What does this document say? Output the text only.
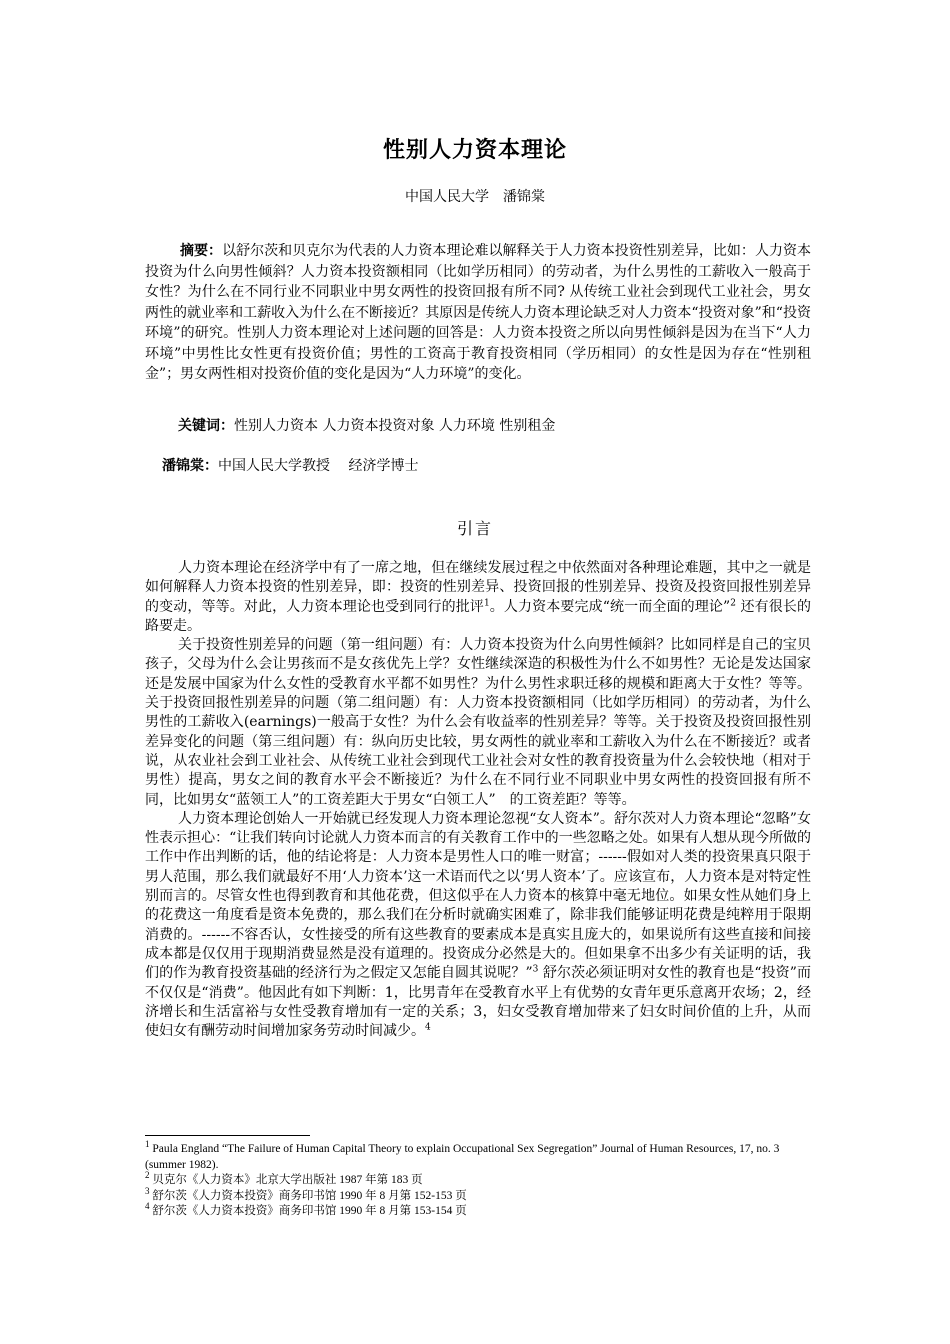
性别人力资本理论
中国人民大学　潘锦棠
摘要：以舒尔茨和贝克尔为代表的人力资本理论难以解释关于人力资本投资性别差异，比如：人力资本投资为什么向男性倾斜？人力资本投资额相同（比如学历相同）的劳动者，为什么男性的工薪收入一般高于女性？为什么在不同行业不同职业中男女两性的投资回报有所不同? 从传统工业社会到现代工业社会，男女两性的就业率和工薪收入为什么在不断接近？其原因是传统人力资本理论缺乏对人力资本“投资对象”和“投资环境”的研究。性别人力资本理论对上述问题的回答是：人力资本投资之所以向男性倾斜是因为在当下“人力环境”中男性比女性更有投资价值；男性的工资高于教育投资相同（学历相同）的女性是因为存在“性别租金”；男女两性相对投资价值的变化是因为“人力环境”的变化。
关键词：性别人力资本 人力资本投资对象 人力环境 性别租金
潘锦棠：中国人民大学教授　 经济学博士
引言

人力资本理论在经济学中有了一席之地，但在继续发展过程之中依然面对各种理论难题，其中之一就是如何解释人力资本投资的性别差异，即：投资的性别差异、投资回报的性别差异、投资及投资回报性别差异的变动，等等。对此，人力资本理论也受到同行的批评$^1$。人力资本要完成“统一而全面的理论”$^2$ 还有很长的路要走。

关于投资性别差异的问题（第一组问题）有：人力资本投资为什么向男性倾斜？比如同样是自己的宝贝孩子，父母为什么会让男孩而不是女孩优先上学？女性继续深造的积极性为什么不如男性？无论是发达国家还是发展中国家为什么女性的受教育水平都不如男性？为什么男性求职迁移的规模和距离大于女性？等等。关于投资回报性别差异的问题（第二组问题）有：人力资本投资额相同（比如学历相同）的劳动者，为什么男性的工薪收入(earnings)一般高于女性？为什么会有收益率的性别差异？等等。关于投资及投资回报性别差异变化的问题（第三组问题）有：纵向历史比较，男女两性的就业率和工薪收入为什么在不断接近？或者说，从农业社会到工业社会、从传统工业社会到现代工业社会对女性的教育投资量为什么会较快地（相对于男性）提高，男女之间的教育水平会不断接近？为什么在不同行业不同职业中男女两性的投资回报有所不同，比如男女“蓝领工人”的工资差距大于男女“白领工人”　的工资差距？等等。

人力资本理论创始人一开始就已经发现人力资本理论忽视“女人资本”。舒尔茨对人力资本理论“忽略”女性表示担心：“让我们转向讨论就人力资本而言的有关教育工作中的一些忽略之处。如果有人想从现今所做的工作中作出判断的话，他的结论将是：人力资本是男性人口的唯一财富；------假如对人类的投资果真只限于男人范围，那么我们就最好不用‘人力资本’这一术语而代之以‘男人资本’了。应该宣布，人力资本是对特定性别而言的。尽管女性也得到教育和其他花费，但这似乎在人力资本的核算中毫无地位。如果女性从她们身上的花费这一角度看是资本免费的，那么我们在分析时就确实困难了，除非我们能够证明花费是纯粹用于限期消费的。------不容否认，女性接受的所有这些教育的要素成本是真实且庞大的，如果说所有这些直接和间接成本都是仅仅用于现期消费显然是没有道理的。投资成分必然是大的。但如果拿不出多少有关证明的话，我们的作为教育投资基础的经济行为之假定又怎能自圆其说呢？”$^3$ 舒尔茨必须证明对女性的教育也是“投资”而不仅仅是“消费”。他因此有如下判断：1，比男青年在受教育水平上有优势的女青年更乐意离开农场；2，经济增长和生活富裕与女性受教育增加有一定的关系；3，妇女受教育增加带来了妇女时间价值的上升，从而使妇女有酬劳动时间增加家务劳动时间减少。$^4$

$^1$ Paula England “The Failure of Human Capital Theory to explain Occupational Sex Segregation” Journal of Human Resources, 17, no. 3 (summer 1982).
$^2$ 贝克尔《人力资本》北京大学出版社 1987 年第 183 页
$^3$ 舒尔茨《人力资本投资》商务印书馆 1990 年 8 月第 152-153 页
$^4$ 舒尔茨《人力资本投资》商务印书馆 1990 年 8 月第 153-154 页
